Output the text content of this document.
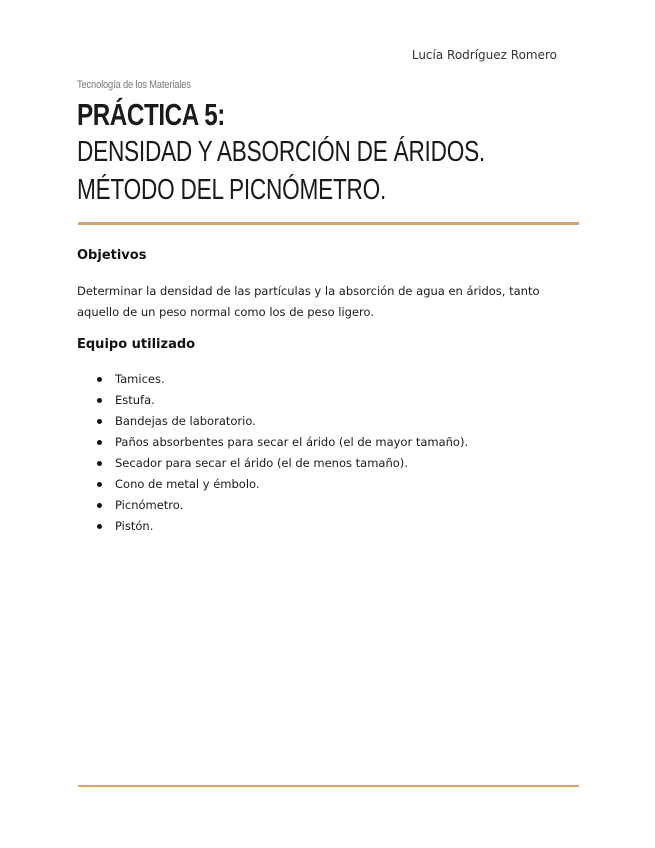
Lucía Rodríguez Romero
Tecnología de los Materiales
PRÁCTICA 5:
DENSIDAD Y ABSORCIÓN DE ÁRIDOS.
MÉTODO DEL PICNÓMETRO.
Objetivos
Determinar la densidad de las partículas y la absorción de agua en áridos, tanto aquello de un peso normal como los de peso ligero.
Equipo utilizado
Tamices.
Estufa.
Bandejas de laboratorio.
Paños absorbentes para secar el árido (el de mayor tamaño).
Secador para secar el árido (el de menos tamaño).
Cono de metal y émbolo.
Picnómetro.
Pistón.
